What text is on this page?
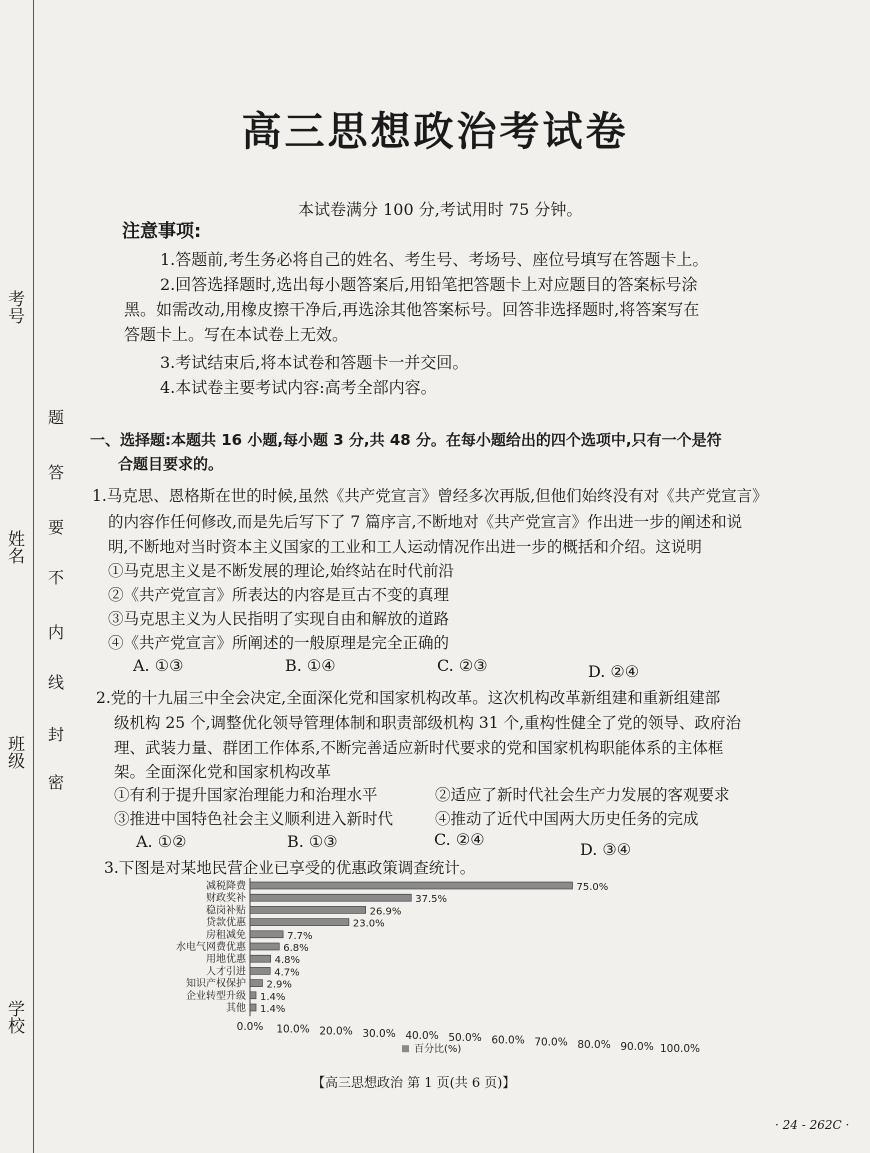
考号
姓名
班级
学校
题
答
要
不
内
线
封
密
高三思想政治考试卷
本试卷满分 100 分,考试用时 75 分钟。
注意事项:
1.答题前,考生务必将自己的姓名、考生号、考场号、座位号填写在答题卡上。
2.回答选择题时,选出每小题答案后,用铅笔把答题卡上对应题目的答案标号涂
黑。如需改动,用橡皮擦干净后,再选涂其他答案标号。回答非选择题时,将答案写在
答题卡上。写在本试卷上无效。
3.考试结束后,将本试卷和答题卡一并交回。
4.本试卷主要考试内容:高考全部内容。
一、选择题:本题共 16 小题,每小题 3 分,共 48 分。在每小题给出的四个选项中,只有一个是符
合题目要求的。
1.马克思、恩格斯在世的时候,虽然《共产党宣言》曾经多次再版,但他们始终没有对《共产党宣言》
的内容作任何修改,而是先后写下了 7 篇序言,不断地对《共产党宣言》作出进一步的阐述和说
明,不断地对当时资本主义国家的工业和工人运动情况作出进一步的概括和介绍。这说明
①马克思主义是不断发展的理论,始终站在时代前沿
②《共产党宣言》所表达的内容是亘古不变的真理
③马克思主义为人民指明了实现自由和解放的道路
④《共产党宣言》所阐述的一般原理是完全正确的
A. ①③	B. ①④	C. ②③	D. ②④
2.党的十九届三中全会决定,全面深化党和国家机构改革。这次机构改革新组建和重新组建部
级机构 25 个,调整优化领导管理体制和职责部级机构 31 个,重构性健全了党的领导、政府治
理、武装力量、群团工作体系,不断完善适应新时代要求的党和国家机构职能体系的主体框
架。全面深化党和国家机构改革
①有利于提升国家治理能力和治理水平	②适应了新时代社会生产力发展的客观要求
③推进中国特色社会主义顺利进入新时代	④推动了近代中国两大历史任务的完成
A. ①②	B. ①③	C. ②④
D. ③④
3.下图是对某地民营企业已享受的优惠政策调查统计。
减税降费	75.0%
财政奖补	37.5%
稳岗补贴	26.9%
贷款优惠	23.0%
房租减免	7.7%
水电气网费优惠	6.8%
用地优惠	4.8%
人才引进	4.7%
知识产权保护 2.9%
企业转型升级 1.4%
其他 1.4%
0.0% 10.0% 20.0% 30.0% 40.0% 50.0% 60.0% 70.0% 80.0% 90.0% 100.0%
百分比(%)
【高三思想政治 第 1 页(共 6 页)】
· 24 - 262C ·
